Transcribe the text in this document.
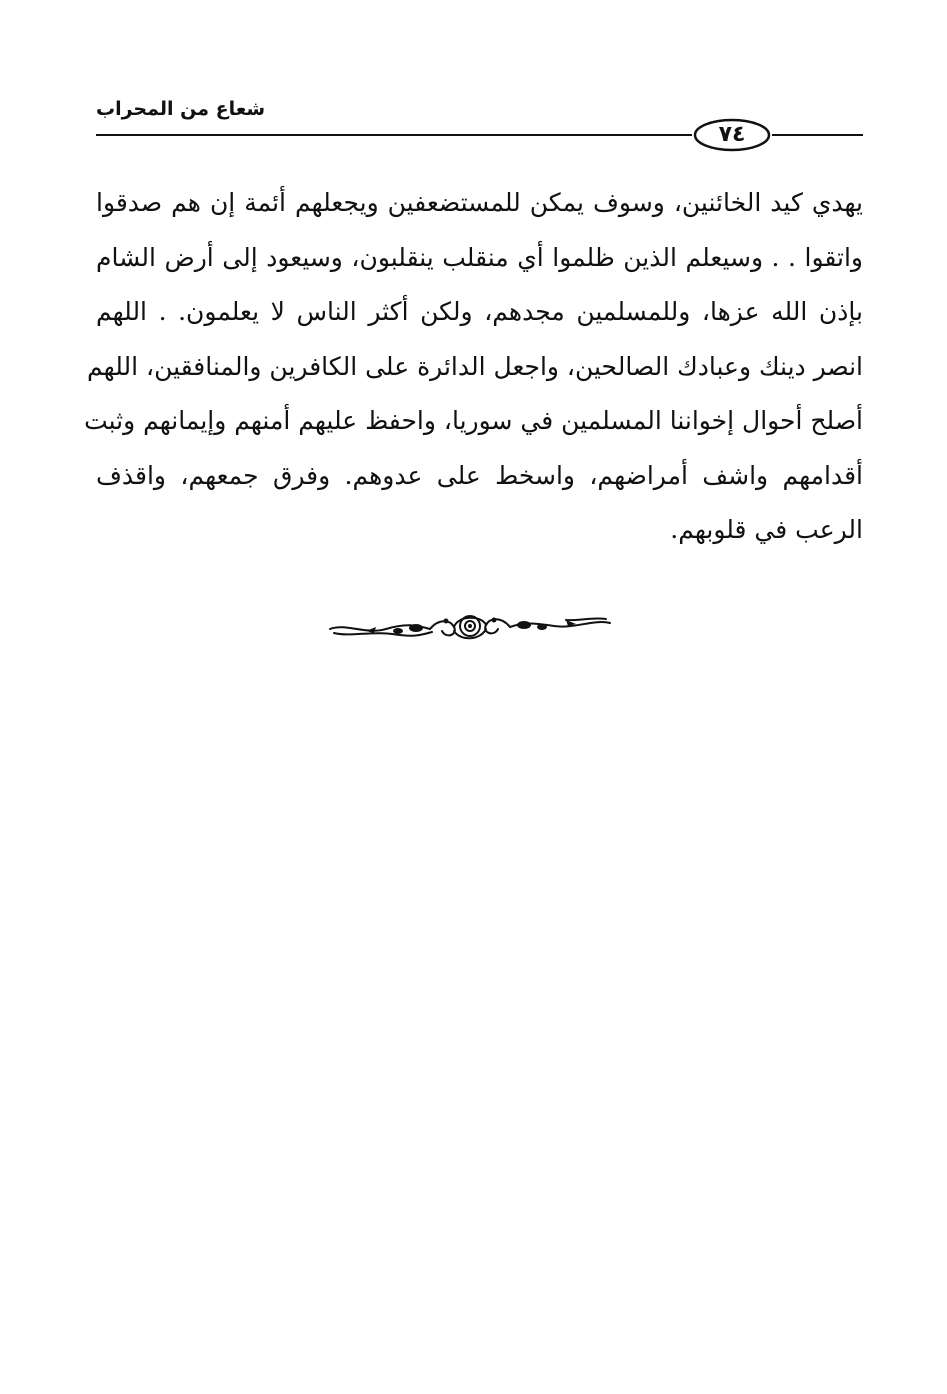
شعاع من المحراب
٧٤
يهدي كيد الخائنين، وسوف يمكن للمستضعفين ويجعلهم أئمة إن هم صدقوا
واتقوا . . وسيعلم الذين ظلموا أي منقلب ينقلبون، وسيعود إلى أرض الشام
بإذن الله عزها، وللمسلمين مجدهم، ولكن أكثر الناس لا يعلمون. . اللهم
انصر دينك وعبادك الصالحين، واجعل الدائرة على الكافرين والمنافقين، اللهم
أصلح أحوال إخواننا المسلمين في سوريا، واحفظ عليهم أمنهم وإيمانهم وثبت
أقدامهم واشف أمراضهم، واسخط على عدوهم. وفرق جمعهم، واقذف
الرعب في قلوبهم.
